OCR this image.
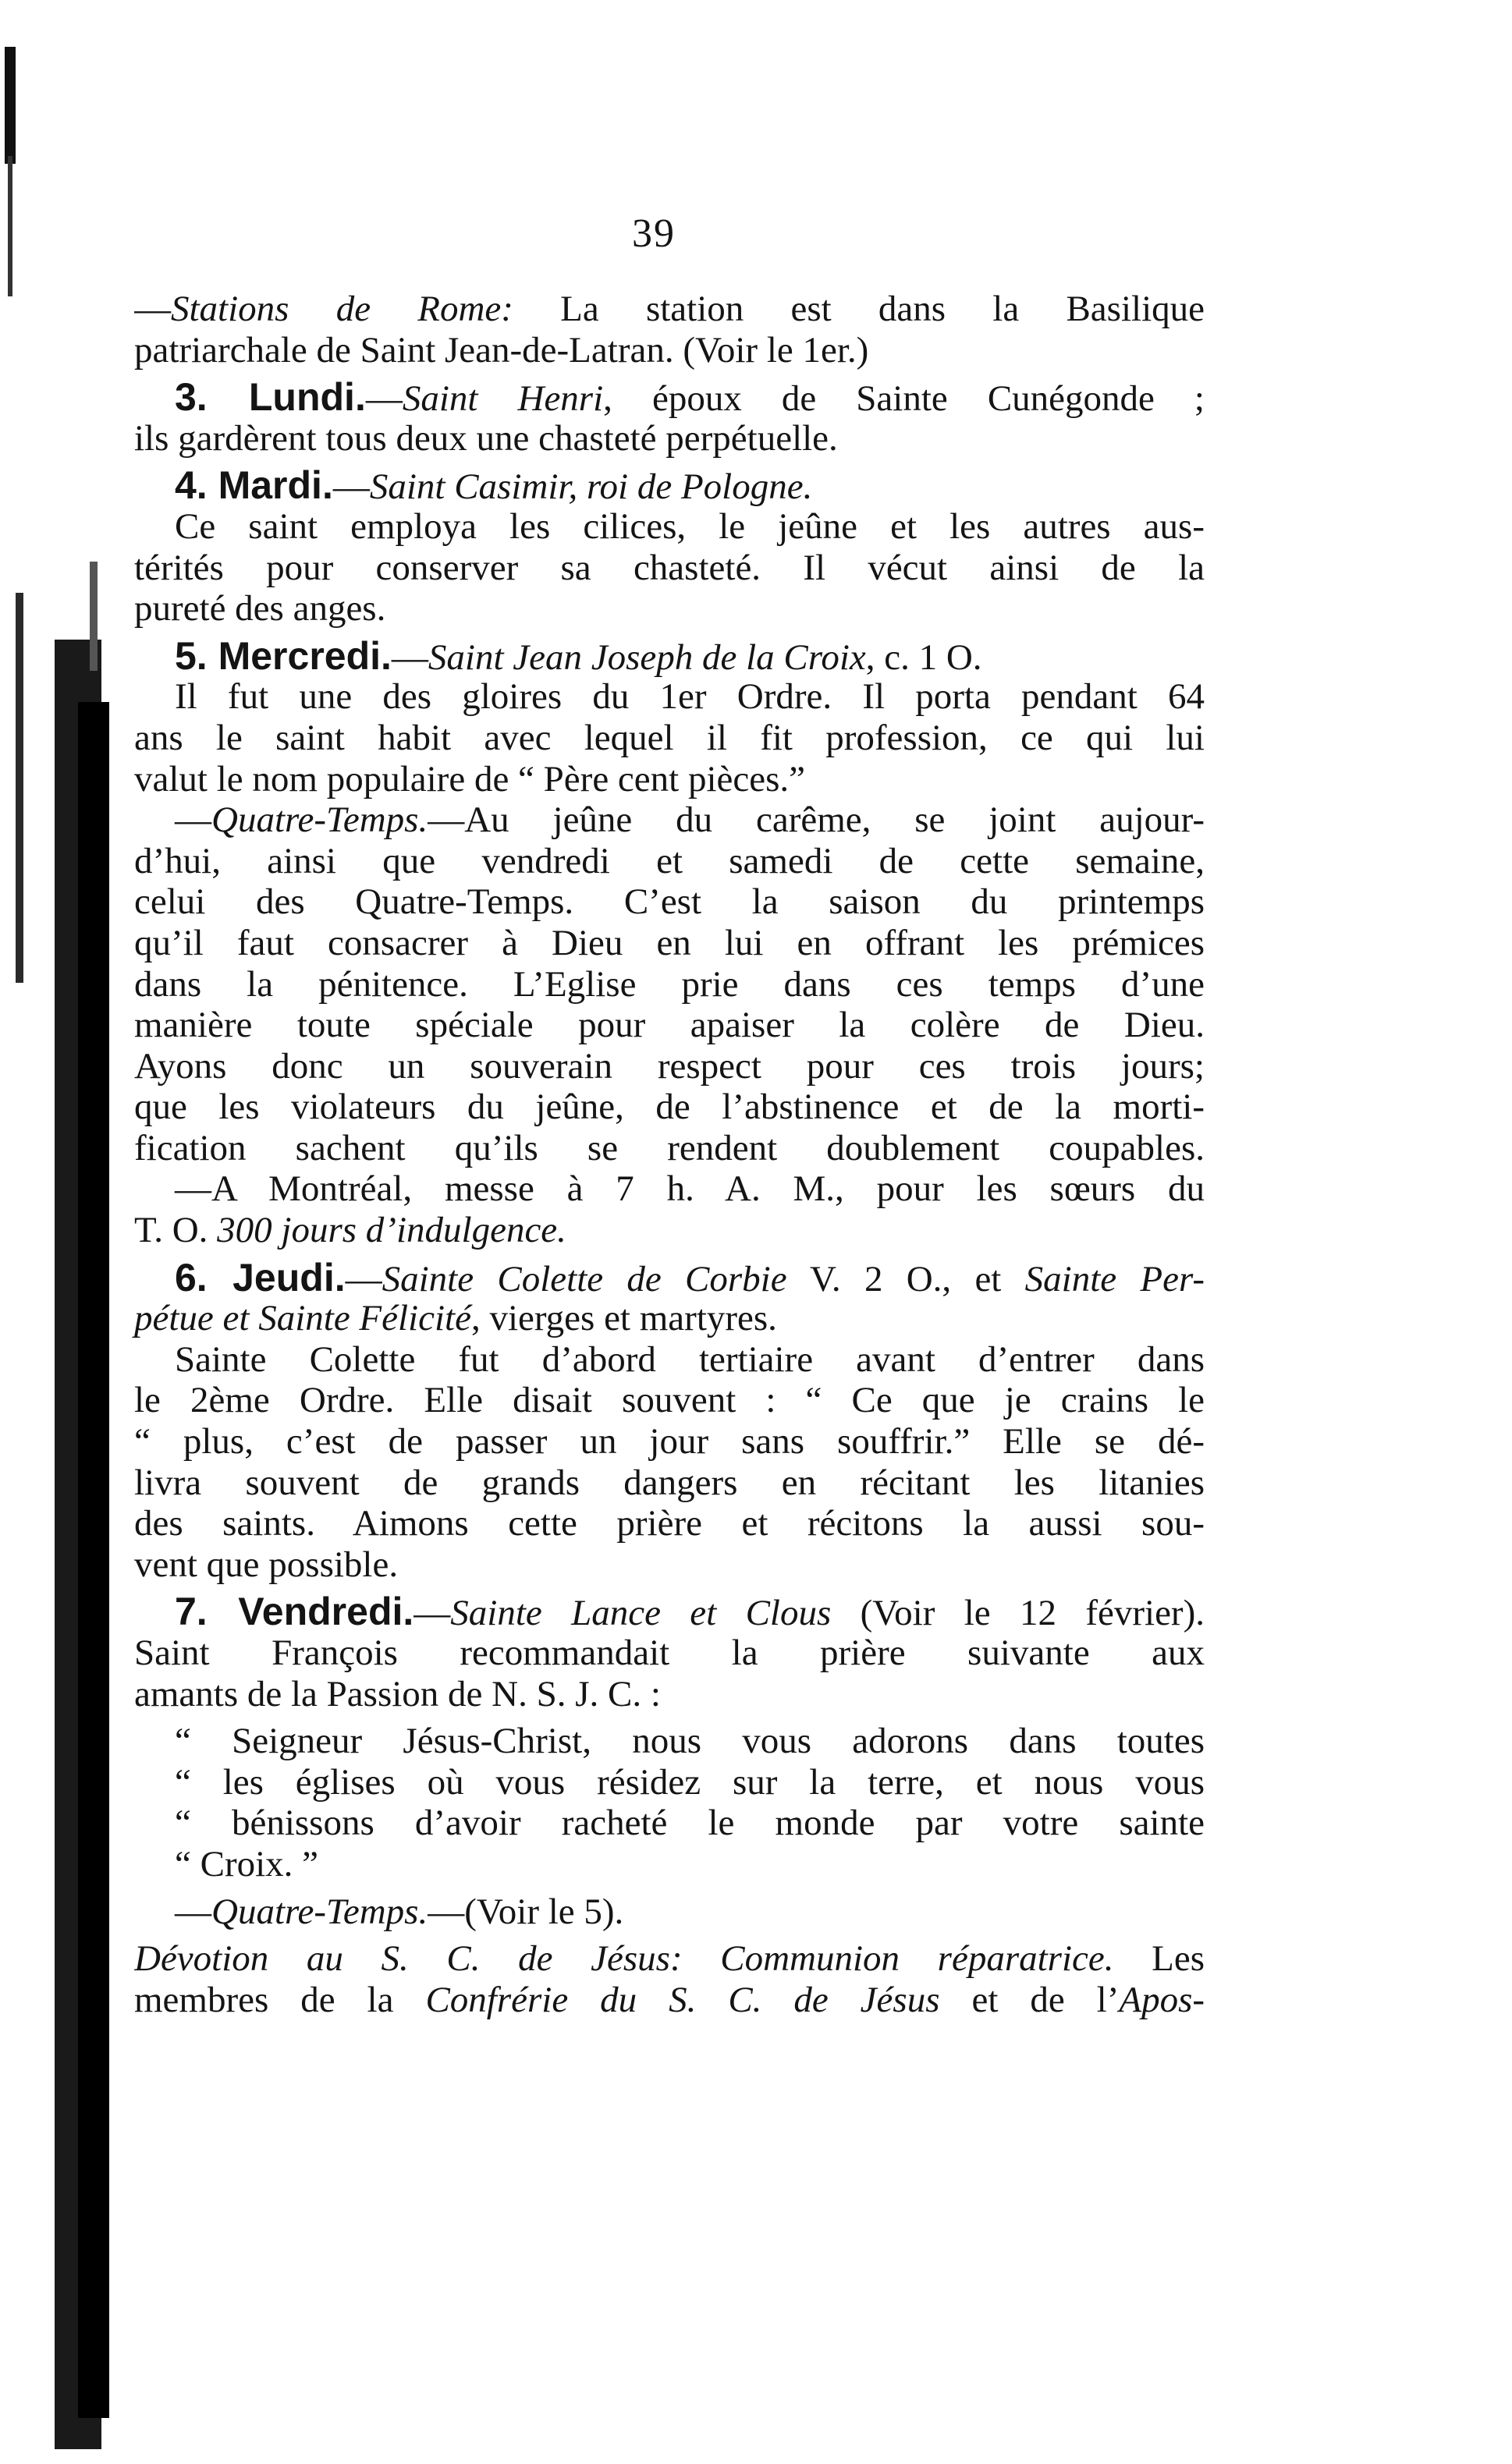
39
—Stations de Rome: La station est dans la Basilique
patriarchale de Saint Jean-de-Latran. (Voir le 1er.)
3. Lundi.—Saint Henri, époux de Sainte Cunégonde ;
ils gardèrent tous deux une chasteté perpétuelle.
4. Mardi.—Saint Casimir, roi de Pologne.
Ce saint employa les cilices, le jeûne et les autres aus-
térités pour conserver sa chasteté. Il vécut ainsi de la
pureté des anges.
5. Mercredi.—Saint Jean Joseph de la Croix, c. 1 O.
Il fut une des gloires du 1er Ordre. Il porta pendant 64
ans le saint habit avec lequel il fit profession, ce qui lui
valut le nom populaire de “ Père cent pièces.”
—Quatre-Temps.—Au jeûne du carême, se joint aujour-
d’hui, ainsi que vendredi et samedi de cette semaine,
celui des Quatre-Temps. C’est la saison du printemps
qu’il faut consacrer à Dieu en lui en offrant les prémices
dans la pénitence. L’Eglise prie dans ces temps d’une
manière toute spéciale pour apaiser la colère de Dieu.
Ayons donc un souverain respect pour ces trois jours;
que les violateurs du jeûne, de l’abstinence et de la morti-
fication sachent qu’ils se rendent doublement coupables.
—A Montréal, messe à 7 h. A. M., pour les sœurs du
T. O. 300 jours d’indulgence.
6. Jeudi.—Sainte Colette de Corbie V. 2 O., et Sainte Per-
pétue et Sainte Félicité, vierges et martyres.
Sainte Colette fut d’abord tertiaire avant d’entrer dans
le 2ème Ordre. Elle disait souvent : “ Ce que je crains le
“ plus, c’est de passer un jour sans souffrir.” Elle se dé-
livra souvent de grands dangers en récitant les litanies
des saints. Aimons cette prière et récitons la aussi sou-
vent que possible.
7. Vendredi.—Sainte Lance et Clous (Voir le 12 février).
Saint François recommandait la prière suivante aux
amants de la Passion de N. S. J. C. :
“ Seigneur Jésus-Christ, nous vous adorons dans toutes
“ les églises où vous résidez sur la terre, et nous vous
“ bénissons d’avoir racheté le monde par votre sainte
“ Croix. ”
—Quatre-Temps.—(Voir le 5).
Dévotion au S. C. de Jésus: Communion réparatrice. Les
membres de la Confrérie du S. C. de Jésus et de l’Apos-
